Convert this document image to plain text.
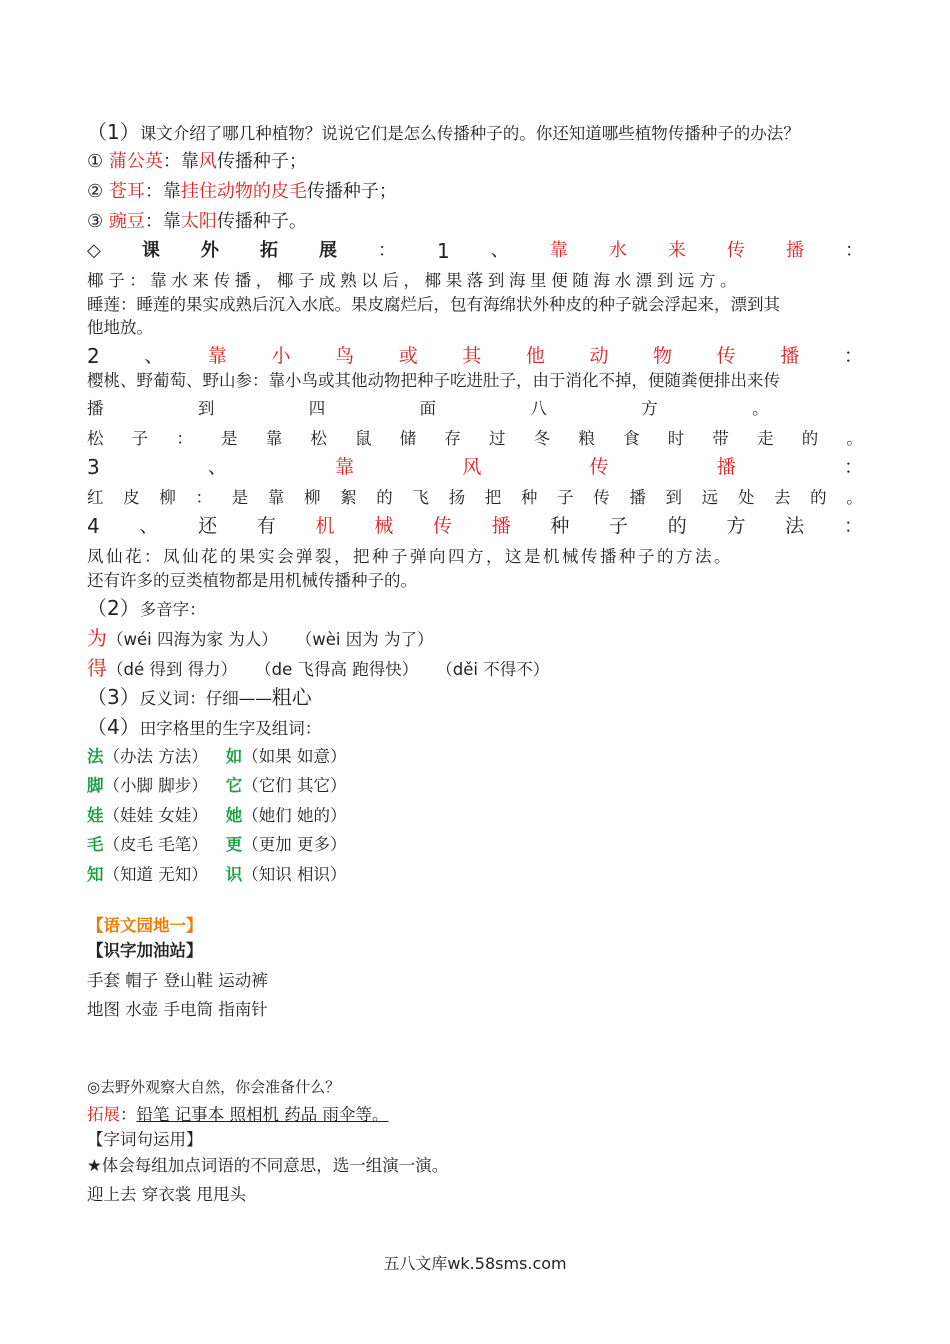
（1）课文介绍了哪几种植物？说说它们是怎么传播种子的。你还知道哪些植物传播种子的办法？
① 蒲公英：靠风传播种子；
② 苍耳：靠挂住动物的皮毛传播种子；
③ 豌豆：靠太阳传播种子。
◇ 课 外 拓 展 ： 1 、 靠 水 来 传 播 ：
椰子：靠水来传播，椰子成熟以后，椰果落到海里便随海水漂到远方。
睡莲：睡莲的果实成熟后沉入水底。果皮腐烂后，包有海绵状外种皮的种子就会浮起来，漂到其
他地放。
2 、 靠 小 鸟 或 其 他 动 物 传 播 ：
樱桃、野葡萄、野山参：靠小鸟或其他动物把种子吃进肚子，由于消化不掉，便随粪便排出来传
播	到	四	面	八	方	。
松 子 ： 是 靠 松 鼠 储 存 过 冬 粮 食 时 带 走 的 。
3	、	靠	风	传	播	：
红 皮 柳 ： 是 靠 柳 絮 的 飞 扬 把 种 子 传 播 到 远 处 去 的 。
4 、 还 有 机 械 传 播 种 子 的 方 法 ：
凤仙花：凤仙花的果实会弹裂，把种子弹向四方，这是机械传播种子的方法。
还有许多的豆类植物都是用机械传播种子的。
（2）多音字：
为（wéi 四海为家 为人） （wèi 因为 为了）
得（dé 得到 得力） （de 飞得高 跑得快） （děi 不得不）
（3）反义词：仔细——粗心
（4）田字格里的生字及组词：
法（办法 方法） 如（如果 如意）
脚（小脚 脚步） 它（它们 其它）
娃（娃娃 女娃） 她（她们 她的）
毛（皮毛 毛笔） 更（更加 更多）
知（知道 无知） 识（知识 相识）
【语文园地一】
【识字加油站】
手套 帽子 登山鞋 运动裤
地图 水壶 手电筒 指南针
◎去野外观察大自然，你会准备什么？
拓展：铅笔 记事本 照相机 药品 雨伞等。
【字词句运用】
★体会每组加点词语的不同意思，选一组演一演。
迎上去 穿衣裳 甩甩头
五八文库wk.58sms.com
